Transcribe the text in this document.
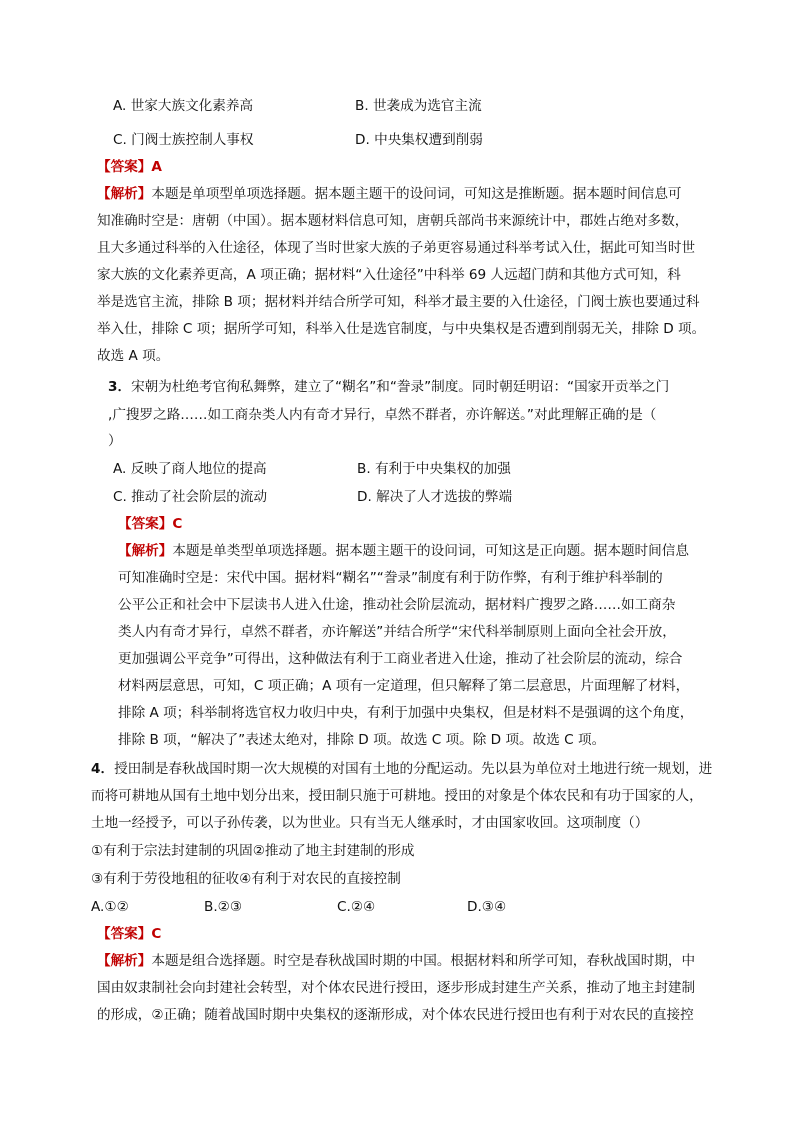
A. 世家大族文化素养高	B. 世袭成为选官主流
C. 门阀士族控制人事权	D. 中央集权遭到削弱
【答案】A
【解析】本题是单项型单项选择题。据本题主题干的设问词，可知这是推断题。据本题时间信息可
知准确时空是：唐朝（中国）。据本题材料信息可知，唐朝兵部尚书来源统计中，郡姓占绝对多数，
且大多通过科举的入仕途径，体现了当时世家大族的子弟更容易通过科举考试入仕，据此可知当时世
家大族的文化素养更高，A 项正确；据材料“入仕途径”中科举 69 人远超门荫和其他方式可知，科
举是选官主流，排除 B 项；据材料并结合所学可知，科举才最主要的入仕途径，门阀士族也要通过科
举入仕，排除 C 项；据所学可知，科举入仕是选官制度，与中央集权是否遭到削弱无关，排除 D 项。
故选 A 项。
3．宋朝为杜绝考官徇私舞弊，建立了“糊名”和“誊录”制度。同时朝廷明诏：“国家开贡举之门
,广搜罗之路……如工商杂类人内有奇才异行，卓然不群者，亦许解送。”对此理解正确的是（
）
A. 反映了商人地位的提高	B. 有利于中央集权的加强
C. 推动了社会阶层的流动	D. 解决了人才选拔的弊端
【答案】C
【解析】本题是单类型单项选择题。据本题主题干的设问词，可知这是正向题。据本题时间信息
可知准确时空是：宋代中国。据材料“糊名”“誊录”制度有利于防作弊，有利于维护科举制的
公平公正和社会中下层读书人进入仕途，推动社会阶层流动，据材料广搜罗之路……如工商杂
类人内有奇才异行，卓然不群者，亦许解送”并结合所学“宋代科举制原则上面向全社会开放，
更加强调公平竞争”可得出，这种做法有利于工商业者进入仕途，推动了社会阶层的流动，综合
材料两层意思，可知，C 项正确；A 项有一定道理，但只解释了第二层意思，片面理解了材料，
排除 A 项；科举制将选官权力收归中央，有利于加强中央集权，但是材料不是强调的这个角度，
排除 B 项，“解决了”表述太绝对，排除 D 项。故选 C 项。除 D 项。故选 C 项。
4．授田制是春秋战国时期一次大规模的对国有土地的分配运动。先以县为单位对土地进行统一规划，进
而将可耕地从国有土地中划分出来，授田制只施于可耕地。授田的对象是个体农民和有功于国家的人，
土地一经授予，可以子孙传袭，以为世业。只有当无人继承时，才由国家收回。这项制度（）
①有利于宗法封建制的巩固②推动了地主封建制的形成
③有利于劳役地租的征收④有利于对农民的直接控制
A.①②	B.②③	C.②④	D.③④
【答案】C
【解析】本题是组合选择题。时空是春秋战国时期的中国。根据材料和所学可知，春秋战国时期，中
国由奴隶制社会向封建社会转型，对个体农民进行授田，逐步形成封建生产关系，推动了地主封建制
的形成，②正确；随着战国时期中央集权的逐渐形成，对个体农民进行授田也有利于对农民的直接控
